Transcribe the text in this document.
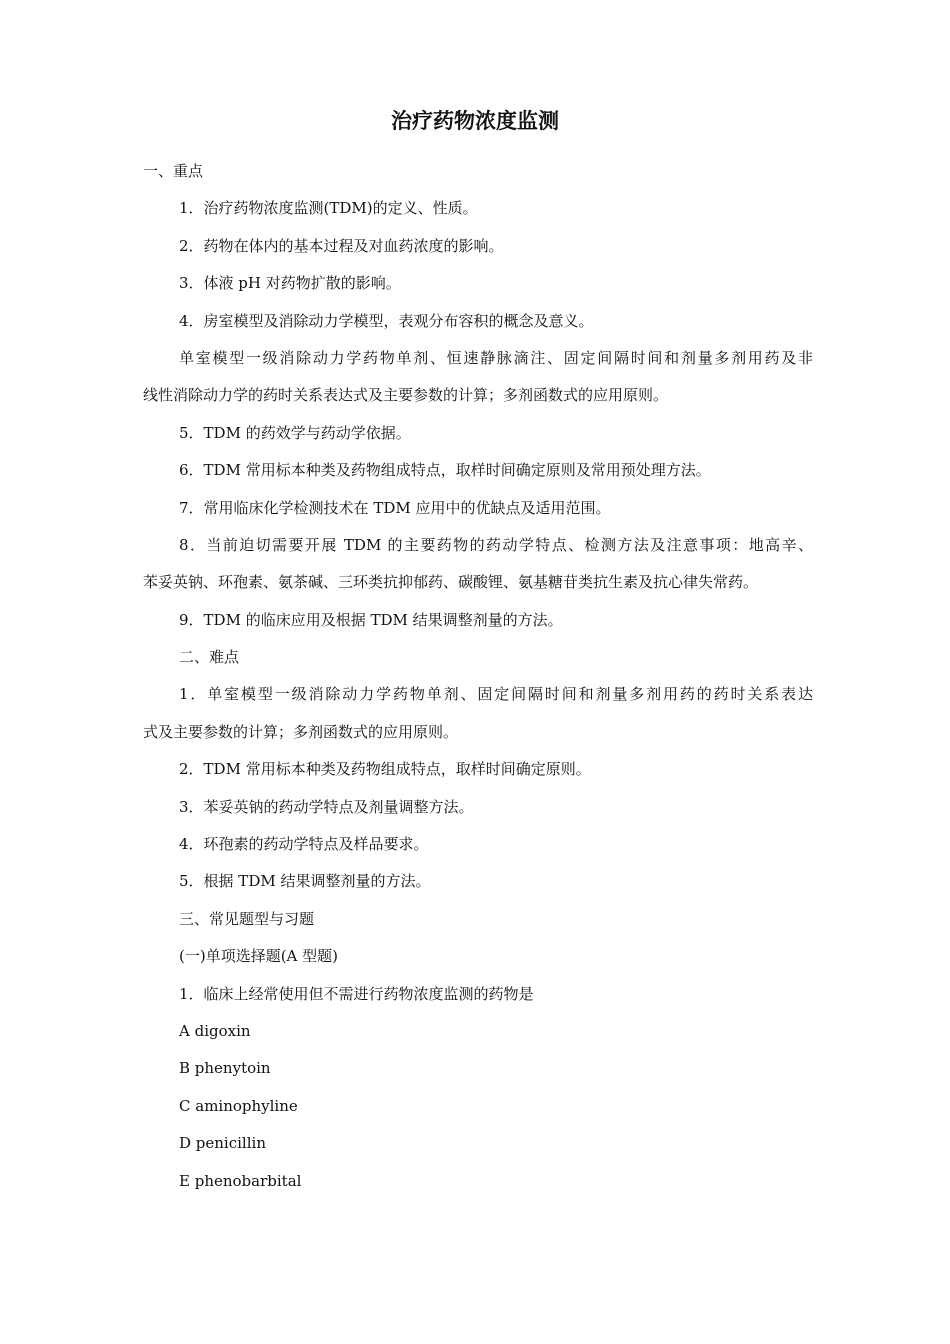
治疗药物浓度监测

一、重点

1．治疗药物浓度监测(TDM)的定义、性质。

2．药物在体内的基本过程及对血药浓度的影响。

3．体液 pH 对药物扩散的影响。

4．房室模型及消除动力学模型，表观分布容积的概念及意义。

单室模型一级消除动力学药物单剂、恒速静脉滴注、固定间隔时间和剂量多剂用药及非

线性消除动力学的药时关系表达式及主要参数的计算；多剂函数式的应用原则。

5．TDM 的药效学与药动学依据。

6．TDM 常用标本种类及药物组成特点，取样时间确定原则及常用预处理方法。

7．常用临床化学检测技术在 TDM 应用中的优缺点及适用范围。

8．当前迫切需要开展 TDM 的主要药物的药动学特点、检测方法及注意事项：地高辛、

苯妥英钠、环孢素、氨茶碱、三环类抗抑郁药、碳酸锂、氨基糖苷类抗生素及抗心律失常药。

9．TDM 的临床应用及根据 TDM 结果调整剂量的方法。

二、难点

1．单室模型一级消除动力学药物单剂、固定间隔时间和剂量多剂用药的药时关系表达

式及主要参数的计算；多剂函数式的应用原则。

2．TDM 常用标本种类及药物组成特点，取样时间确定原则。

3．苯妥英钠的药动学特点及剂量调整方法。

4．环孢素的药动学特点及样品要求。

5．根据 TDM 结果调整剂量的方法。

三、常见题型与习题

(一)单项选择题(A 型题)

1．临床上经常使用但不需进行药物浓度监测的药物是

A digoxin

B phenytoin

C aminophyline

D penicillin

E phenobarbital
